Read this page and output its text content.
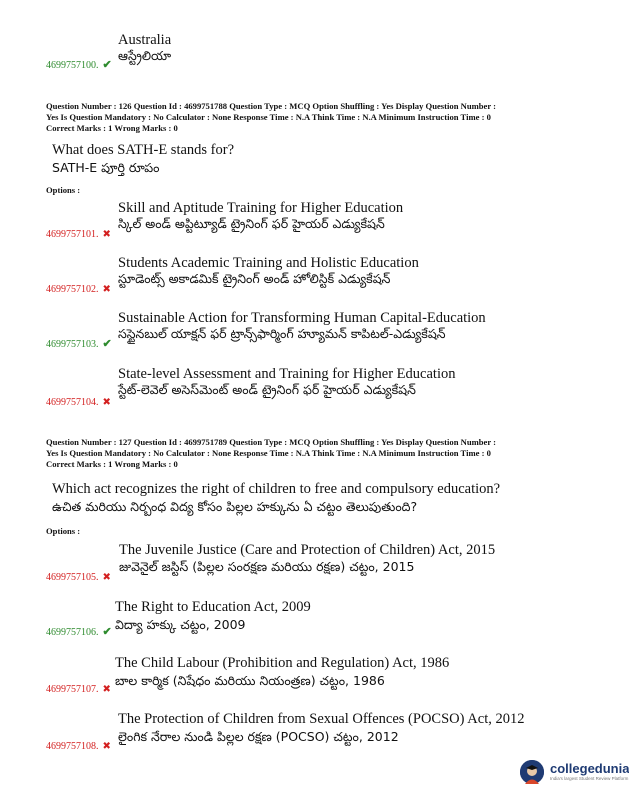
Australia
ఆస్ట్రేలియా
4699757100. ✔
Question Number : 126 Question Id : 4699751788 Question Type : MCQ Option Shuffling : Yes Display Question Number :
Yes Is Question Mandatory : No Calculator : None Response Time : N.A Think Time : N.A Minimum Instruction Time : 0
Correct Marks : 1 Wrong Marks : 0
What does SATH-E stands for?
SATH-E పూర్తి రూపం
Options :
Skill and Aptitude Training for Higher Education
స్కిల్ అండ్ అప్టిట్యూడ్ ట్రైనింగ్ ఫర్ హైయర్ ఎడ్యుకేషన్
4699757101. ✖
Students Academic Training and Holistic Education
స్టూడెంట్స్ అకాడమిక్ ట్రైనింగ్ అండ్ హోలిస్టిక్ ఎడ్యుకేషన్
4699757102. ✖
Sustainable Action for Transforming Human Capital-Education
సస్టైనబుల్ యాక్షన్ ఫర్ ట్రాన్స్‌ఫార్మింగ్ హ్యూమన్ కాపిటల్-ఎడ్యుకేషన్
4699757103. ✔
State-level Assessment and Training for Higher Education
స్టేట్-లెవెల్ అసెస్‌మెంట్ అండ్ ట్రైనింగ్ ఫర్ హైయర్ ఎడ్యుకేషన్
4699757104. ✖
Question Number : 127 Question Id : 4699751789 Question Type : MCQ Option Shuffling : Yes Display Question Number :
Yes Is Question Mandatory : No Calculator : None Response Time : N.A Think Time : N.A Minimum Instruction Time : 0
Correct Marks : 1 Wrong Marks : 0
Which act recognizes the right of children to free and compulsory education?
ఉచిత మరియు నిర్బంధ విద్య కోసం పిల్లల హక్కును ఏ చట్టం తెలుపుతుంది?
Options :
The Juvenile Justice (Care and Protection of Children) Act, 2015
జువెనైల్ జస్టిస్ (పిల్లల సంరక్షణ మరియు రక్షణ) చట్టం, 2015
4699757105. ✖
The Right to Education Act, 2009
విద్యా హక్కు చట్టం, 2009
4699757106. ✔
The Child Labour (Prohibition and Regulation) Act, 1986
బాల కార్మిక (నిషేధం మరియు నియంత్రణ) చట్టం, 1986
4699757107. ✖
The Protection of Children from Sexual Offences (POCSO) Act, 2012
లైంగిక నేరాల నుండి పిల్లల రక్షణ (POCSO) చట్టం, 2012
4699757108. ✖
collegedunia
India's largest Student Review Platform
